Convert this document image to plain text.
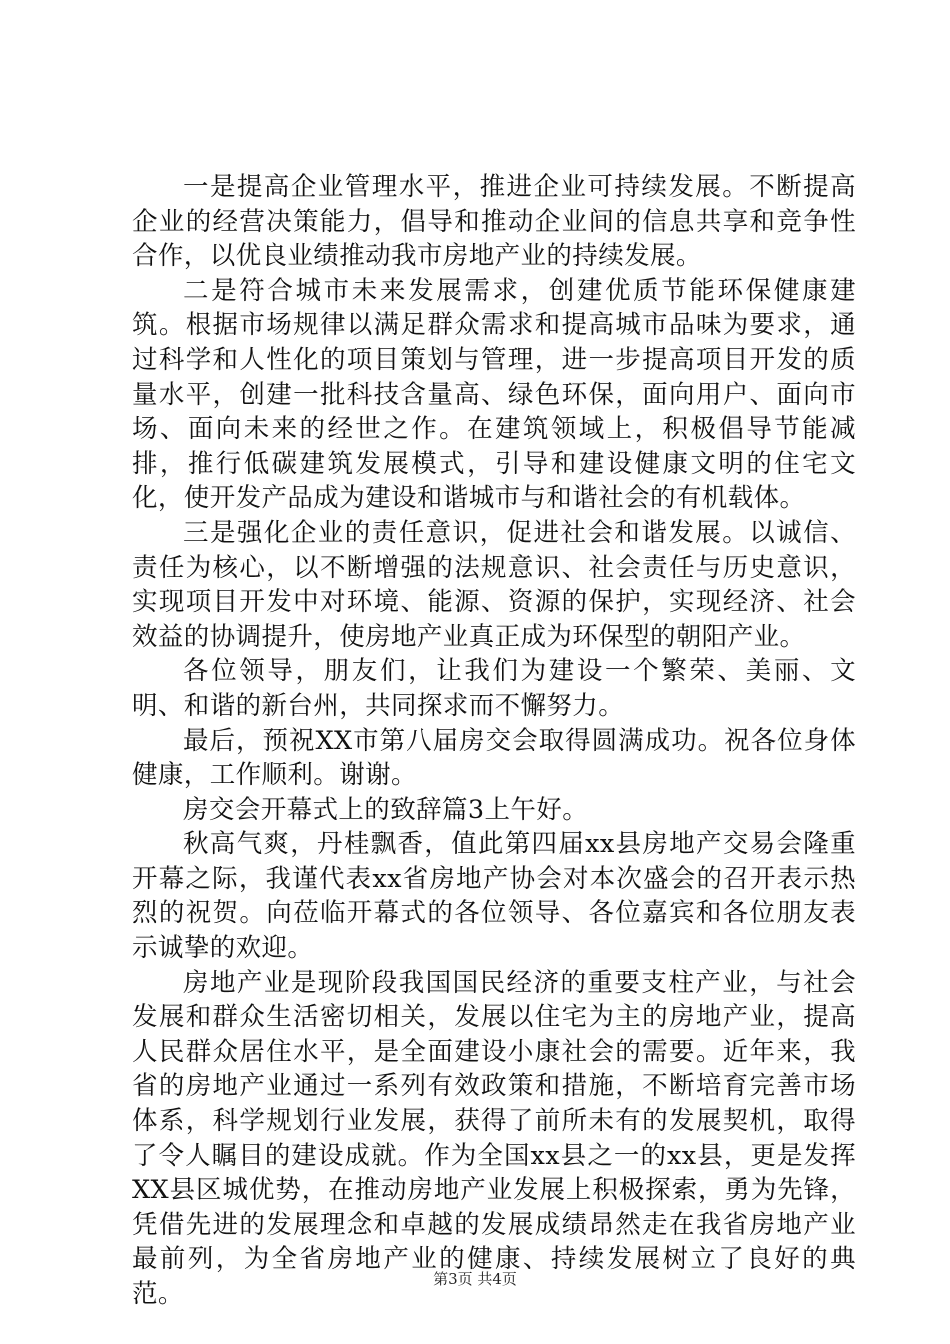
一是提高企业管理水平，推进企业可持续发展。不断提高企业的经营决策能力，倡导和推动企业间的信息共享和竞争性合作，以优良业绩推动我市房地产业的持续发展。

二是符合城市未来发展需求，创建优质节能环保健康建筑。根据市场规律以满足群众需求和提高城市品味为要求，通过科学和人性化的项目策划与管理，进一步提高项目开发的质量水平，创建一批科技含量高、绿色环保，面向用户、面向市场、面向未来的经世之作。在建筑领域上，积极倡导节能减排，推行低碳建筑发展模式，引导和建设健康文明的住宅文化，使开发产品成为建设和谐城市与和谐社会的有机载体。

三是强化企业的责任意识，促进社会和谐发展。以诚信、责任为核心，以不断增强的法规意识、社会责任与历史意识，实现项目开发中对环境、能源、资源的保护，实现经济、社会效益的协调提升，使房地产业真正成为环保型的朝阳产业。

各位领导，朋友们，让我们为建设一个繁荣、美丽、文明、和谐的新台州，共同探求而不懈努力。

最后，预祝XX市第八届房交会取得圆满成功。祝各位身体健康，工作顺利。谢谢。

房交会开幕式上的致辞篇3上午好。

秋高气爽，丹桂飘香，值此第四届xx县房地产交易会隆重开幕之际，我谨代表xx省房地产协会对本次盛会的召开表示热烈的祝贺。向莅临开幕式的各位领导、各位嘉宾和各位朋友表示诚挚的欢迎。

房地产业是现阶段我国国民经济的重要支柱产业，与社会发展和群众生活密切相关，发展以住宅为主的房地产业，提高人民群众居住水平，是全面建设小康社会的需要。近年来，我省的房地产业通过一系列有效政策和措施，不断培育完善市场体系，科学规划行业发展，获得了前所未有的发展契机，取得了令人瞩目的建设成就。作为全国xx县之一的xx县，更是发挥XX县区城优势，在推动房地产业发展上积极探索，勇为先锋，凭借先进的发展理念和卓越的发展成绩昂然走在我省房地产业最前列，为全省房地产业的健康、持续发展树立了良好的典范。	第3页 共4页
